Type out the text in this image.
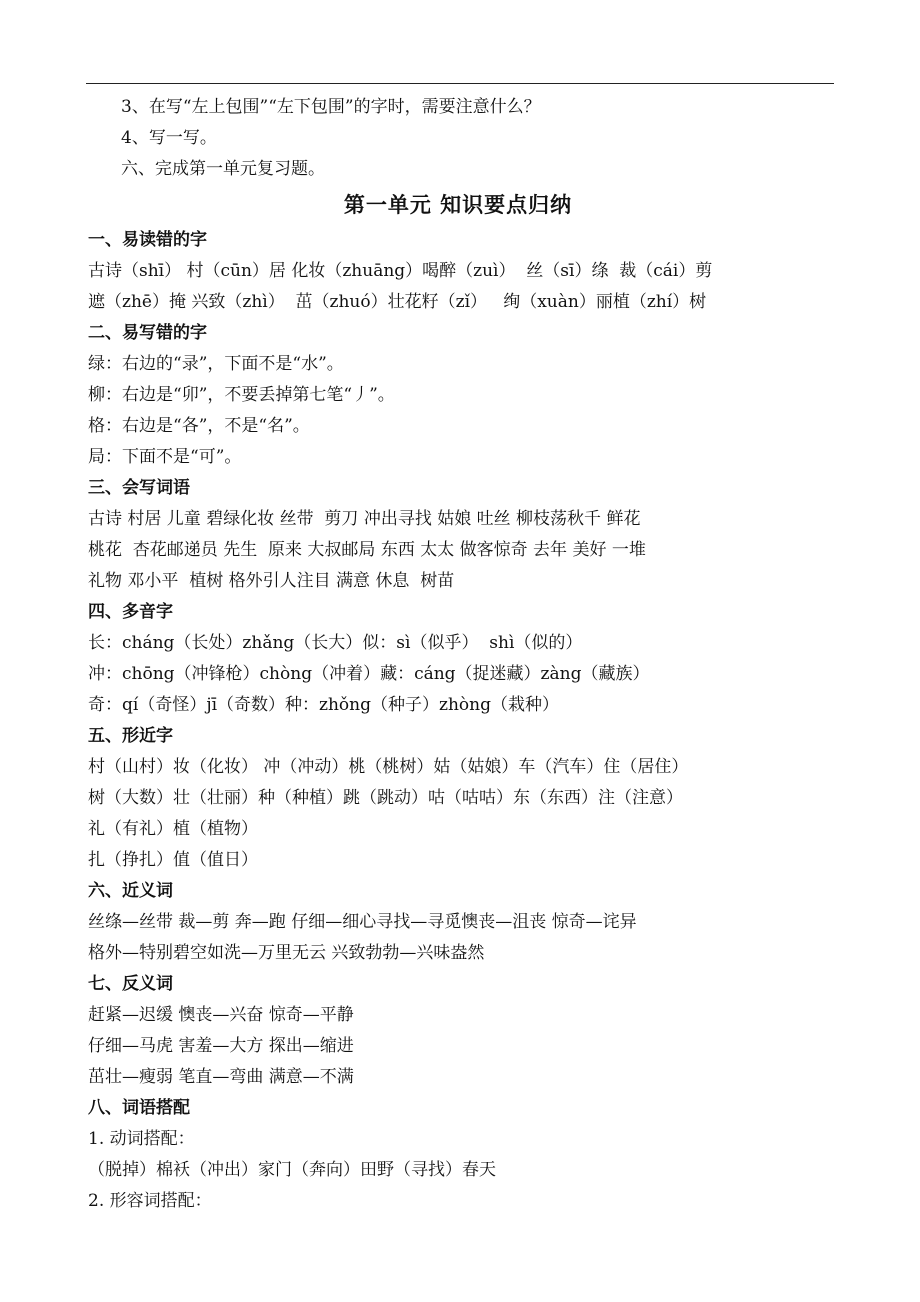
3、在写“左上包围”“左下包围”的字时，需要注意什么？
4、写一写。
六、完成第一单元复习题。
第一单元 知识要点归纳
一、易读错的字
古诗（shī） 村（cūn）居 化妆（zhuāng）喝醉（zuì）  丝（sī）绦  裁（cái）剪
遮（zhē）掩 兴致（zhì）  茁（zhuó）壮花籽（zǐ）   绚（xuàn）丽植（zhí）树
二、易写错的字
绿：右边的“录”，下面不是“水”。
柳：右边是“卯”，不要丢掉第七笔“丿”。
格：右边是“各”，不是“名”。
局：下面不是“可”。
三、会写词语
古诗 村居 儿童 碧绿化妆 丝带  剪刀 冲出寻找 姑娘 吐丝 柳枝荡秋千 鲜花
桃花  杏花邮递员 先生  原来 大叔邮局 东西 太太 做客惊奇 去年 美好 一堆
礼物 邓小平  植树 格外引人注目 满意 休息  树苗
四、多音字
长：cháng（长处）zhǎng（长大）似：sì（似乎）  shì（似的）
冲：chōng（冲锋枪）chòng（冲着）藏：cáng（捉迷藏）zàng（藏族）
奇：qí（奇怪）jī（奇数）种：zhǒng（种子）zhòng（栽种）
五、形近字
村（山村）妆（化妆） 冲（冲动）桃（桃树）姑（姑娘）车（汽车）住（居住）
树（大数）壮（壮丽）种（种植）跳（跳动）咕（咕咕）东（东西）注（注意）
礼（有礼）植（植物）
扎（挣扎）值（值日）
六、近义词
丝绦—丝带 裁—剪 奔—跑 仔细—细心寻找—寻觅懊丧—沮丧 惊奇—诧异
格外—特别碧空如洗—万里无云 兴致勃勃—兴味盎然
七、反义词
赶紧—迟缓 懊丧—兴奋 惊奇—平静
仔细—马虎 害羞—大方 探出—缩进
茁壮—瘦弱 笔直—弯曲 满意—不满
八、词语搭配
1. 动词搭配：
（脱掉）棉袄（冲出）家门（奔向）田野（寻找）春天
2. 形容词搭配：
